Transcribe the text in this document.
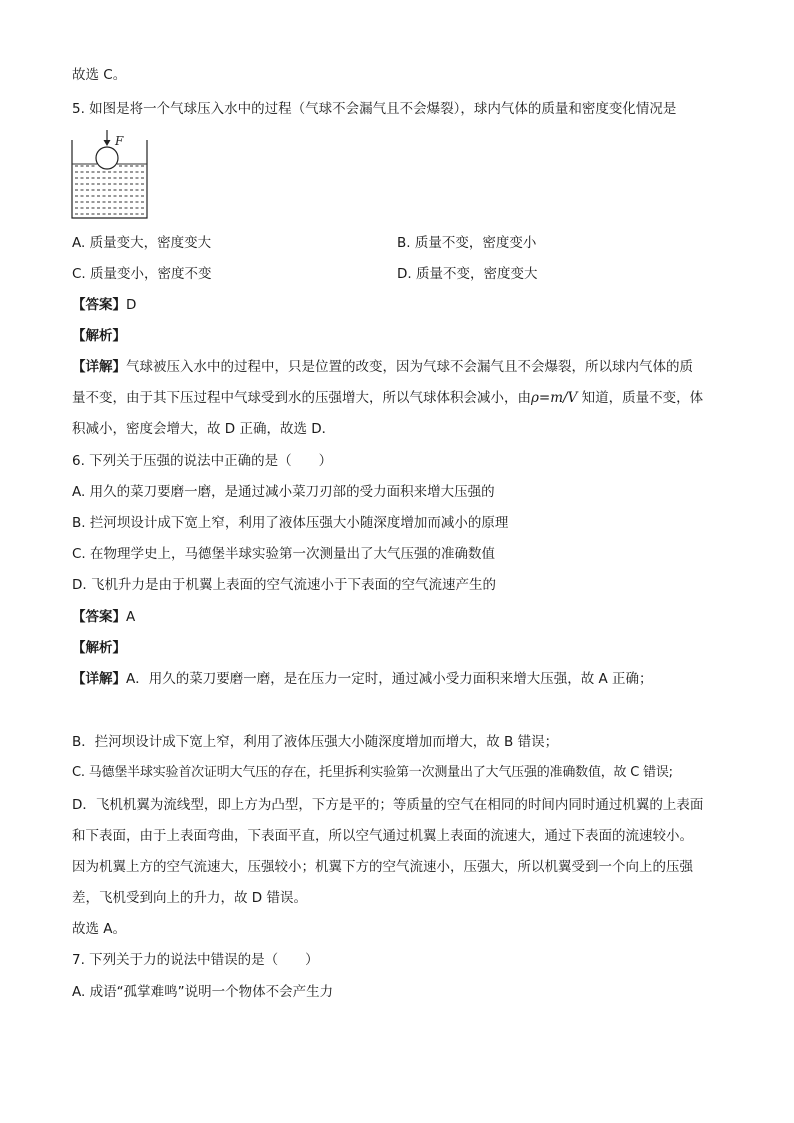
故选 C。
5. 如图是将一个气球压入水中的过程（气球不会漏气且不会爆裂），球内气体的质量和密度变化情况是
F
A. 质量变大，密度变大	B. 质量不变，密度变小
C. 质量变小，密度不变	D. 质量不变，密度变大
【答案】D
【解析】
【详解】气球被压入水中的过程中，只是位置的改变，因为气球不会漏气且不会爆裂，所以球内气体的质
量不变，由于其下压过程中气球受到水的压强增大，所以气球体积会减小，由ρ=m/V 知道，质量不变，体
积减小，密度会增大，故 D 正确，故选 D．
6. 下列关于压强的说法中正确的是（　　）
A. 用久的菜刀要磨一磨，是通过减小菜刀刃部的受力面积来增大压强的
B. 拦河坝设计成下宽上窄，利用了液体压强大小随深度增加而减小的原理
C. 在物理学史上，马德堡半球实验第一次测量出了大气压强的准确数值
D. 飞机升力是由于机翼上表面的空气流速小于下表面的空气流速产生的
【答案】A
【解析】
【详解】A．用久的菜刀要磨一磨，是在压力一定时，通过减小受力面积来增大压强，故 A 正确；
B．拦河坝设计成下宽上窄，利用了液体压强大小随深度增加而增大，故 B 错误；
C. 马德堡半球实验首次证明大气压的存在，托里拆利实验第一次测量出了大气压强的准确数值，故 C 错误;
D．飞机机翼为流线型，即上方为凸型，下方是平的；等质量的空气在相同的时间内同时通过机翼的上表面
和下表面，由于上表面弯曲，下表面平直，所以空气通过机翼上表面的流速大，通过下表面的流速较小。
因为机翼上方的空气流速大，压强较小；机翼下方的空气流速小，压强大，所以机翼受到一个向上的压强
差，飞机受到向上的升力，故 D 错误。
故选 A。
7. 下列关于力的说法中错误的是（　　）
A. 成语“孤掌难鸣”说明一个物体不会产生力
